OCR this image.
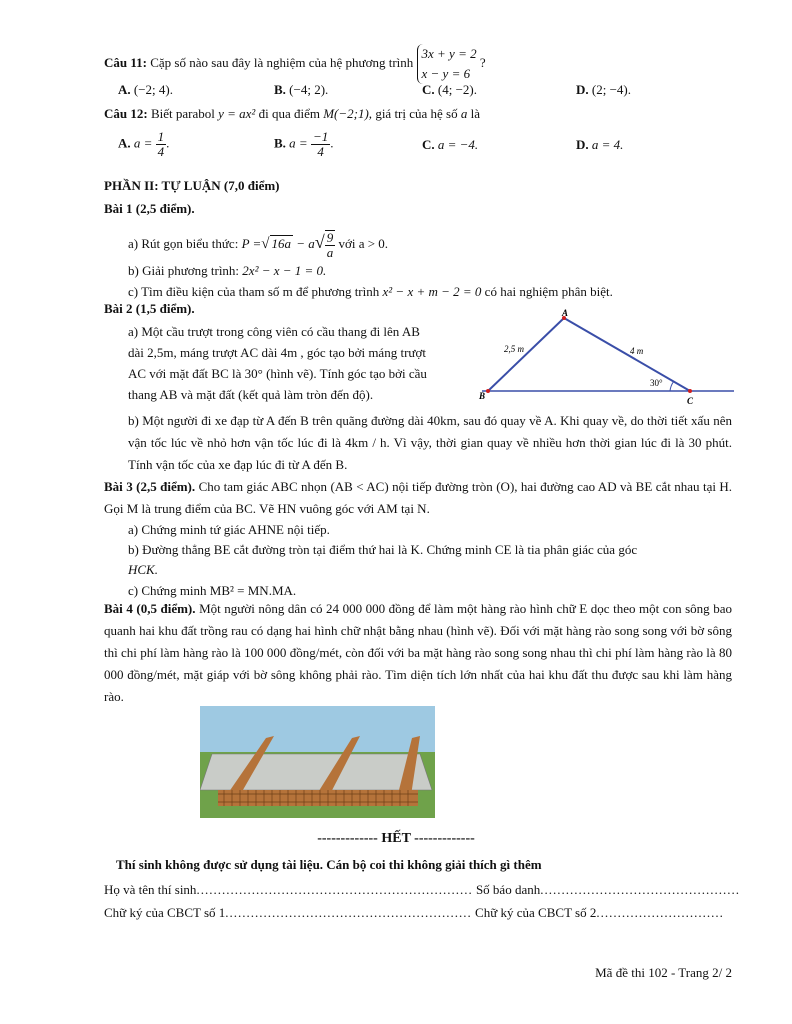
Câu 11: Cặp số nào sau đây là nghiệm của hệ phương trình
3x + y = 2
x − y = 6
?
A. (−2; 4).	B. (−4; 2).	C. (4; −2).	D. (2; −4).
Câu 12: Biết parabol y = ax² đi qua điểm M(−2;1), giá trị của hệ số a là
A. $a = \frac{1}{4}$ .	B. $a = \frac{-1}{4}$ .	C. a = −4.	D. a = 4.
PHẦN II: TỰ LUẬN (7,0 điểm)
Bài 1 (2,5 điểm).
a) Rút gọn biểu thức: P =√ $16a - a√ \frac{9}{a}$ với a > 0.
b) Giải phương trình: 2x² − x − 1 = 0.
c) Tìm điều kiện của tham số m để phương trình x² − x + m − 2 = 0 có hai nghiệm phân biệt.
Bài 2 (1,5 điểm).
a) Một cầu trượt trong công viên có cầu thang đi lên AB
dài 2,5m, máng trượt AC dài 4m , góc tạo bởi máng trượt
AC với mặt đất BC là 30° (hình vẽ). Tính góc tạo bởi cầu
thang AB và mặt đất (kết quả làm tròn đến độ).
A
B	C
2,5 m	4 m
30°
b) Một người đi xe đạp từ A đến B trên quãng đường dài 40km, sau đó quay về A. Khi quay về, do thời tiết xấu nên vận tốc lúc về nhỏ hơn vận tốc lúc đi là 4km / h. Vì vậy, thời gian quay về nhiều hơn thời gian lúc đi là 30 phút. Tính vận tốc của xe đạp lúc đi từ A đến B.
Bài 3 (2,5 điểm). Cho tam giác ABC nhọn (AB < AC) nội tiếp đường tròn (O), hai đường cao AD và BE cắt nhau tại H. Gọi M là trung điểm của BC. Vẽ HN vuông góc với AM tại N.
a) Chứng minh tứ giác AHNE nội tiếp.
b) Đường thẳng BE cắt đường tròn tại điểm thứ hai là K. Chứng minh CE là tia phân giác của góc
HCK.
c) Chứng minh MB² = MN.MA.
Bài 4 (0,5 điểm). Một người nông dân có 24 000 000 đồng để làm một hàng rào hình chữ E dọc theo một con sông bao quanh hai khu đất trồng rau có dạng hai hình chữ nhật bằng nhau (hình vẽ). Đối với mặt hàng rào song song với bờ sông thì chi phí làm hàng rào là 100 000 đồng/mét, còn đối với ba mặt hàng rào song song nhau thì chi phí làm hàng rào là 80 000 đồng/mét, mặt giáp với bờ sông không phải rào. Tìm diện tích lớn nhất của hai khu đất thu được sau khi làm hàng rào.
------------- HẾT -------------
Thí sinh không được sử dụng tài liệu. Cán bộ coi thi không giải thích gì thêm
Họ và tên thí sinh................................................................. Số báo danh...............................................
Chữ ký của CBCT số 1.......................................................... Chữ ký của CBCT số 2..............................
Mã đề thi 102 - Trang 2/ 2
